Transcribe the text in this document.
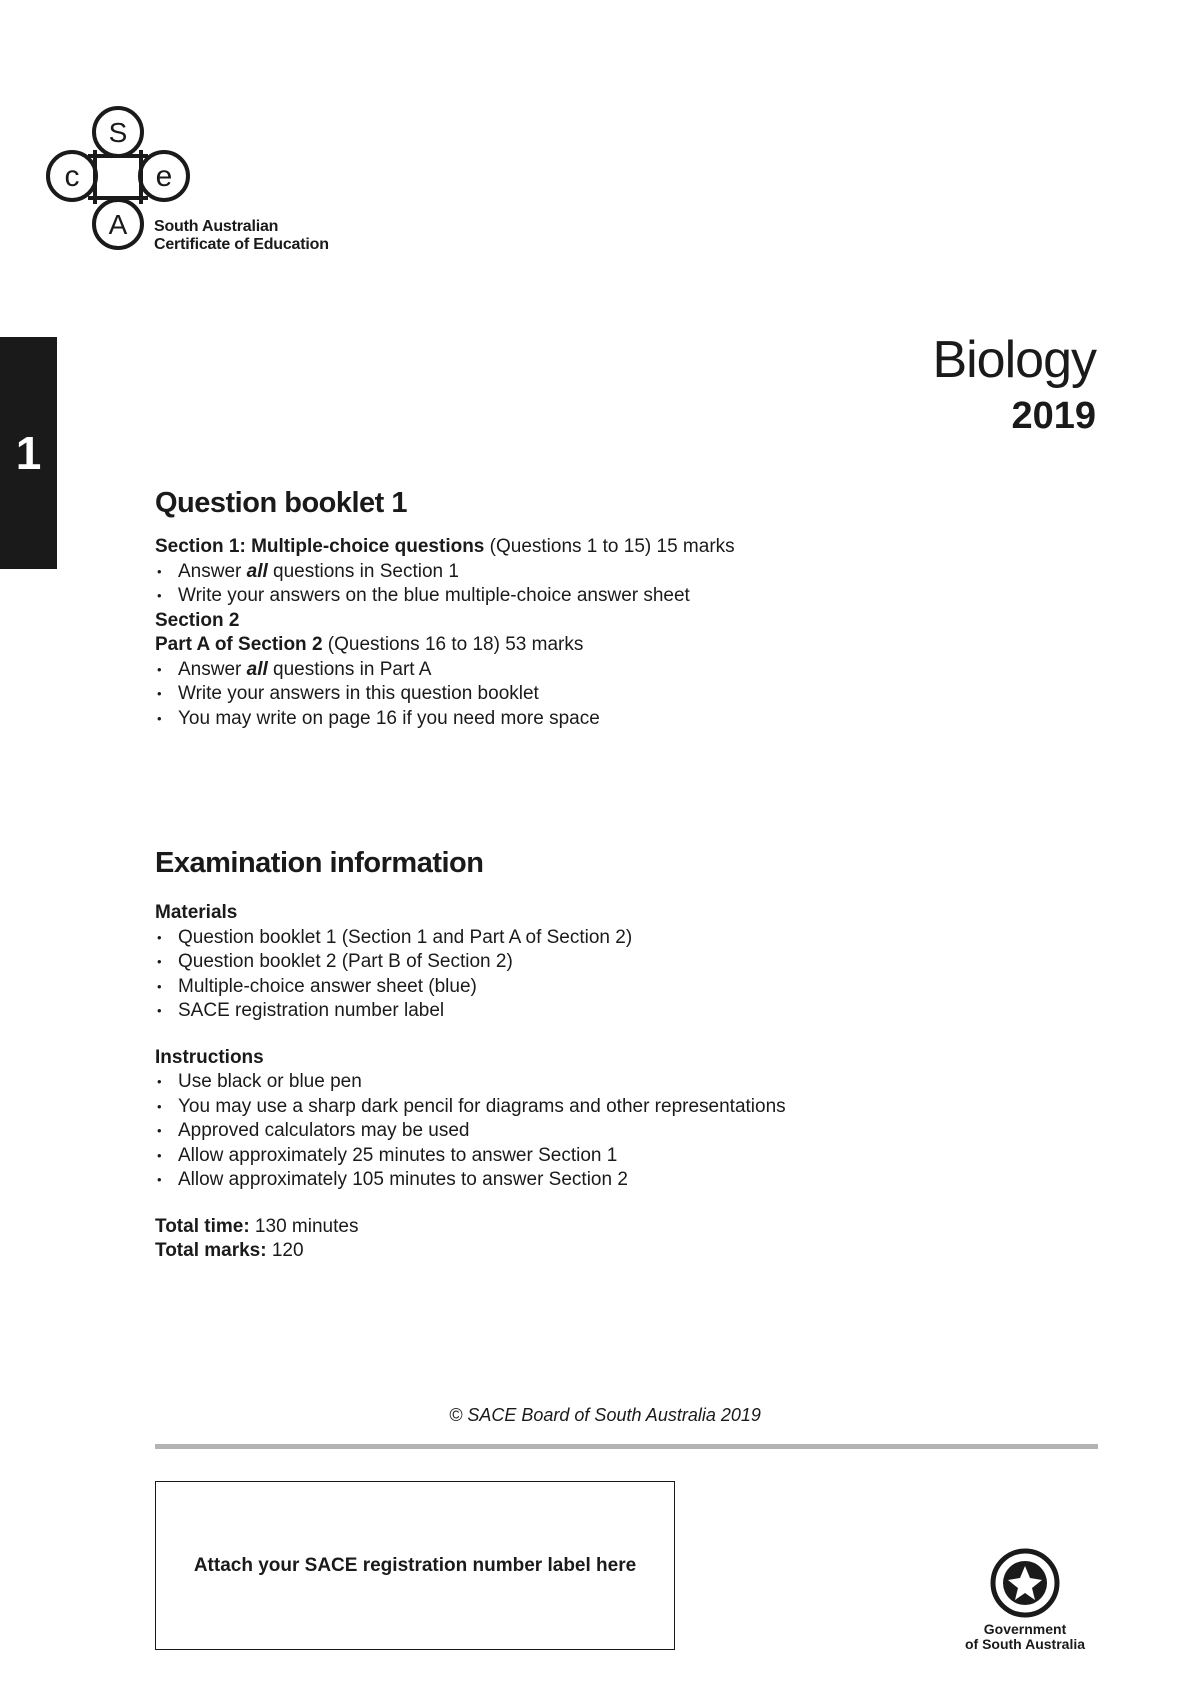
S
c	e
A South Australian
Certificate of Education
1
Biology
2019
Question booklet 1

Section 1: Multiple-choice questions (Questions 1 to 15) 15 marks

• Answer all questions in Section 1
• Write your answers on the blue multiple-choice answer sheet

Section 2

Part A of Section 2 (Questions 16 to 18) 53 marks

• Answer all questions in Part A
• Write your answers in this question booklet
• You may write on page 16 if you need more space
Examination information

Materials

• Question booklet 1 (Section 1 and Part A of Section 2)
• Question booklet 2 (Part B of Section 2)
• Multiple-choice answer sheet (blue)
• SACE registration number label

Instructions

• Use black or blue pen
• You may use a sharp dark pencil for diagrams and other representations
• Approved calculators may be used
• Allow approximately 25 minutes to answer Section 1
• Allow approximately 105 minutes to answer Section 2

Total time: 130 minutes

Total marks: 120

© SACE Board of South Australia 2019
Attach your SACE registration number label here
Government
of South Australia
